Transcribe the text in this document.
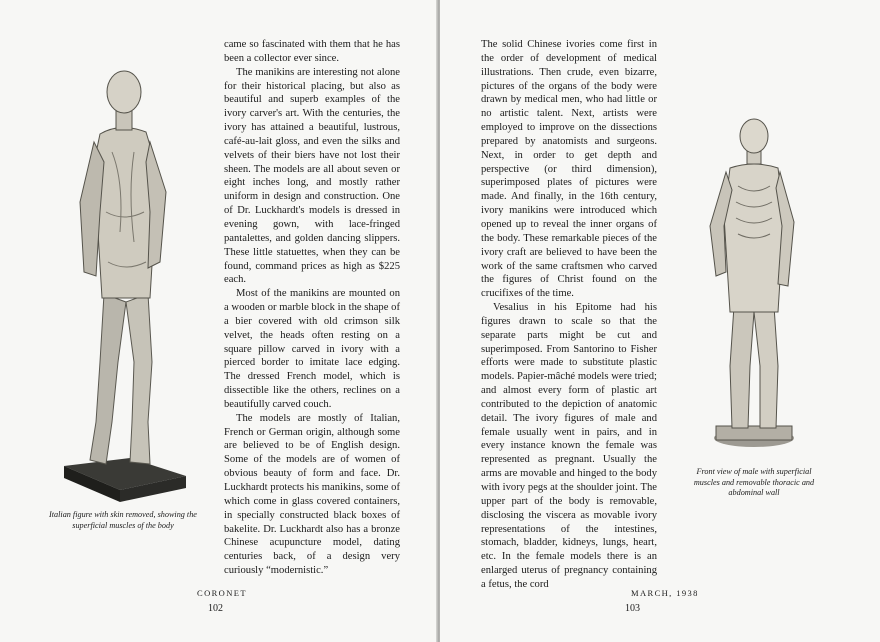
Italian figure with skin removed, showing the superficial muscles of the body

came so fascinated with them that he has been a collector ever since.

The manikins are interesting not alone for their historical placing, but also as beautiful and superb examples of the ivory carver's art. With the centuries, the ivory has attained a beautiful, lustrous, café-au-lait gloss, and even the silks and velvets of their biers have not lost their sheen. The models are all about seven or eight inches long, and mostly rather uniform in design and construction. One of Dr. Luckhardt's models is dressed in evening gown, with lace-fringed pantalettes, and golden dancing slippers. These little statuettes, when they can be found, command prices as high as $225 each.

Most of the manikins are mounted on a wooden or marble block in the shape of a bier covered with old crimson silk velvet, the heads often resting on a square pillow carved in ivory with a pierced border to imitate lace edging. The dressed French model, which is dissectible like the others, reclines on a beautifully carved couch.

The models are mostly of Italian, French or German origin, although some are believed to be of English design. Some of the models are of women of obvious beauty of form and face. Dr. Luckhardt protects his manikins, some of which come in glass covered containers, in specially constructed black boxes of bakelite. Dr. Luckhardt also has a bronze Chinese acupuncture model, dating centuries back, of a design very curiously “modernistic.”

CORONET
102

The solid Chinese ivories come first in the order of development of medical illustrations. Then crude, even bizarre, pictures of the organs of the body were drawn by medical men, who had little or no artistic talent. Next, artists were employed to improve on the dissections prepared by anatomists and surgeons. Next, in order to get depth and perspective (or third dimension), superimposed plates of pictures were made. And finally, in the 16th century, ivory manikins were introduced which opened up to reveal the inner organs of the body. These remarkable pieces of the ivory craft are believed to have been the work of the same craftsmen who carved the figures of Christ found on the crucifixes of the time.

Vesalius in his Epitome had his figures drawn to scale so that the separate parts might be cut and superimposed. From Santorino to Fisher efforts were made to substitute plastic models. Papier-mâché models were tried; and almost every form of plastic art contributed to the depiction of anatomic detail. The ivory figures of male and female usually went in pairs, and in every instance known the female was represented as pregnant. Usually the arms are movable and hinged to the body with ivory pegs at the shoulder joint. The upper part of the body is removable, disclosing the viscera as movable ivory representations of the intestines, stomach, bladder, kidneys, lungs, heart, etc. In the female models there is an enlarged uterus of pregnancy containing a fetus, the cord

Front view of male with superficial muscles and removable thoracic and abdominal wall
MARCH, 1938
103
